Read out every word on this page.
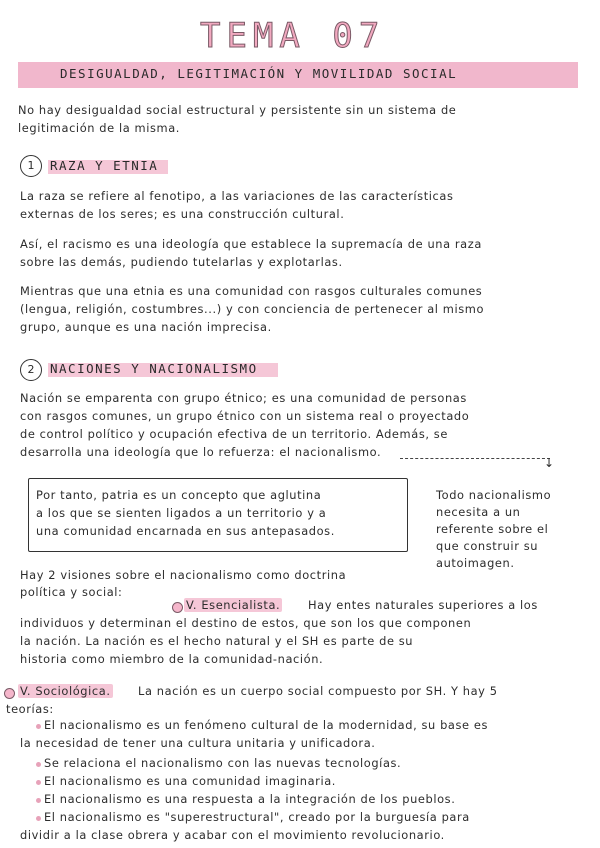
TEMA 07
DESIGUALDAD, LEGITIMACIÓN Y MOVILIDAD SOCIAL
No hay desigualdad social estructural y persistente sin un sistema de
legitimación de la misma.
1	RAZA Y ETNIA
La raza se refiere al fenotipo, a las variaciones de las características
externas de los seres; es una construcción cultural.
Así, el racismo es una ideología que establece la supremacía de una raza
sobre las demás, pudiendo tutelarlas y explotarlas.
Mientras que una etnia es una comunidad con rasgos culturales comunes
(lengua, religión, costumbres...) y con conciencia de pertenecer al mismo
grupo, aunque es una nación imprecisa.
2	NACIONES Y NACIONALISMO
Nación se emparenta con grupo étnico; es una comunidad de personas
con rasgos comunes, un grupo étnico con un sistema real o proyectado
de control político y ocupación efectiva de un territorio. Además, se
desarrolla una ideología que lo refuerza: el nacionalismo.
↓
Por tanto, patria es un concepto que aglutina
a los que se sienten ligados a un territorio y a
una comunidad encarnada en sus antepasados.
Todo nacionalismo
necesita a un
referente sobre el
que construir su
autoimagen.
Hay 2 visiones sobre el nacionalismo como doctrina
política y social:
V. Esencialista. Hay entes naturales superiores a los
individuos y determinan el destino de estos, que son los que componen
la nación. La nación es el hecho natural y el SH es parte de su
historia como miembro de la comunidad-nación.
V. Sociológica. La nación es un cuerpo social compuesto por SH. Y hay 5
teorías:
El nacionalismo es un fenómeno cultural de la modernidad, su base es
la necesidad de tener una cultura unitaria y unificadora.
Se relaciona el nacionalismo con las nuevas tecnologías.
El nacionalismo es una comunidad imaginaria.
El nacionalismo es una respuesta a la integración de los pueblos.
El nacionalismo es "superestructural", creado por la burguesía para
dividir a la clase obrera y acabar con el movimiento revolucionario.
